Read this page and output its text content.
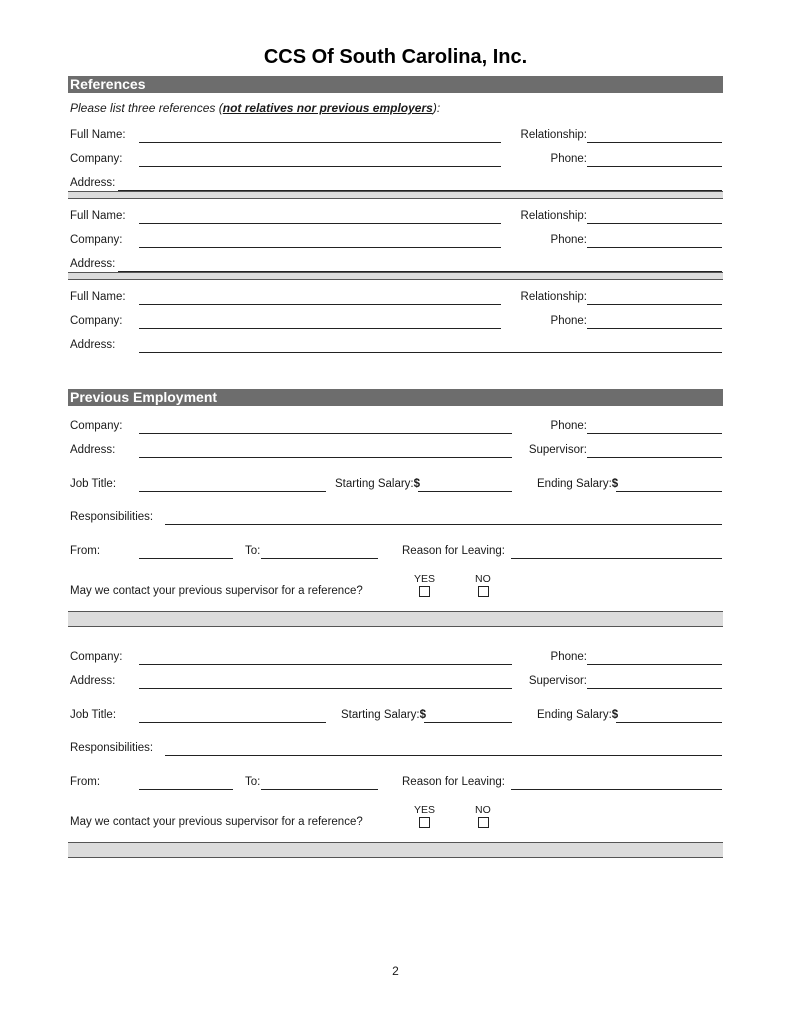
CCS Of South Carolina, Inc.
References
Please list three references (not relatives nor previous employers):
Full Name:	Relationship:
Company:	Phone:
Address:
Full Name:	Relationship:
Company:	Phone:
Address:
Full Name:	Relationship:
Company:	Phone:
Address:
Previous Employment
Company:	Phone:
Address:	Supervisor:
Job Title:	Starting Salary:$	Ending Salary:$
Responsibilities:
From:	To:	Reason for Leaving:
YES	NO
May we contact your previous supervisor for a reference?
Company:	Phone:
Address:	Supervisor:
Job Title:	Starting Salary:$	Ending Salary:$
Responsibilities:
From:	To:	Reason for Leaving:
YES	NO
May we contact your previous supervisor for a reference?
2
